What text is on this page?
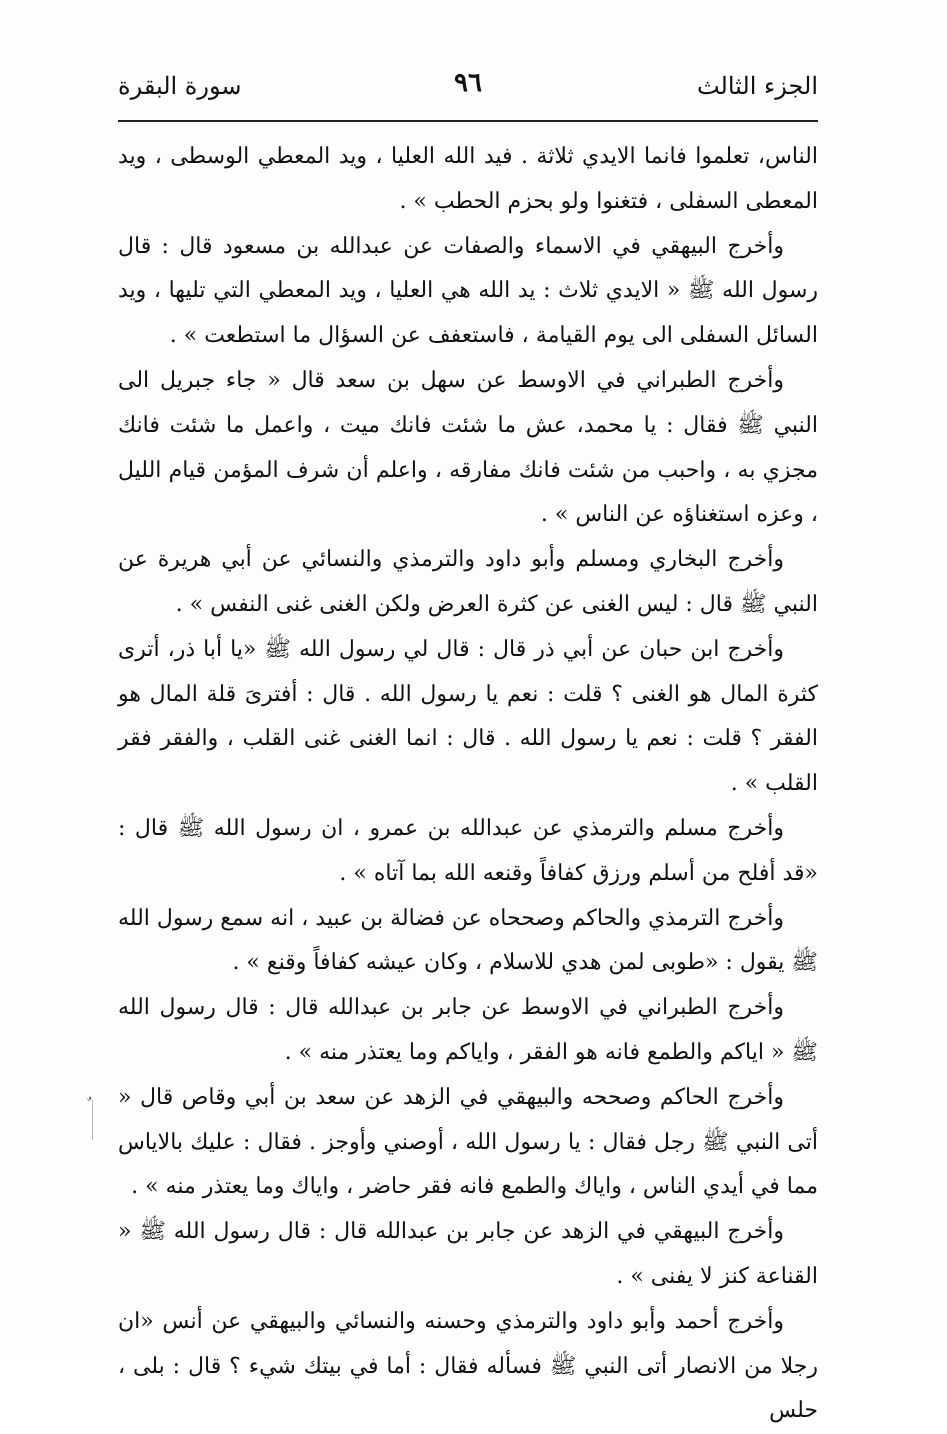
الجزء الثالث
٩٦
سورة البقرة

الناس، تعلموا فانما الايدي ثلاثة . فيد الله العليا ، ويد المعطي الوسطى ، ويد المعطى السفلى ، فتغنوا ولو بحزم الحطب » .

وأخرج البيهقي في الاسماء والصفات عن عبدالله بن مسعود قال : قال رسول الله ﷺ « الايدي ثلاث : يد الله هي العليا ، ويد المعطي التي تليها ، ويد السائل السفلى الى يوم القيامة ، فاستعفف عن السؤال ما استطعت » .

وأخرج الطبراني في الاوسط عن سهل بن سعد قال « جاء جبريل الى النبي ﷺ فقال : يا محمد، عش ما شئت فانك ميت ، واعمل ما شئت فانك مجزي به ، واحبب من شئت فانك مفارقه ، واعلم أن شرف المؤمن قيام الليل ، وعزه استغناؤه عن الناس » .

وأخرج البخاري ومسلم وأبو داود والترمذي والنسائي عن أبي هريرة عن النبي ﷺ قال : ليس الغنى عن كثرة العرض ولكن الغنى غنى النفس » .

وأخرج ابن حبان عن أبي ذر قال : قال لي رسول الله ﷺ «يا أبا ذر، أترى كثرة المال هو الغنى ؟ قلت : نعم يا رسول الله . قال : أفترىَ قلة المال هو الفقر ؟ قلت : نعم يا رسول الله . قال : انما الغنى غنى القلب ، والفقر فقر القلب » .

وأخرج مسلم والترمذي عن عبدالله بن عمرو ، ان رسول الله ﷺ قال : «قد أفلح من أسلم ورزق كفافاً وقنعه الله بما آتاه » .

وأخرج الترمذي والحاكم وصححاه عن فضالة بن عبيد ، انه سمع رسول الله ﷺ يقول : «طوبى لمن هدي للاسلام ، وكان عيشه كفافاً وقنع » .

وأخرج الطبراني في الاوسط عن جابر بن عبدالله قال : قال رسول الله ﷺ « اياكم والطمع فانه هو الفقر ، واياكم وما يعتذر منه » .

وأخرج الحاكم وصححه والبيهقي في الزهد عن سعد بن أبي وقاص قال « أتى النبي ﷺ رجل فقال : يا رسول الله ، أوصني وأوجز . فقال : عليك بالاياس مما في أيدي الناس ، واياك والطمع فانه فقر حاضر ، واياك وما يعتذر منه » .

وأخرج البيهقي في الزهد عن جابر بن عبدالله قال : قال رسول الله ﷺ « القناعة كنز لا يفنى » .

وأخرج أحمد وأبو داود والترمذي وحسنه والنسائي والبيهقي عن أنس «ان رجلا من الانصار أتى النبي ﷺ فسأله فقال : أما في بيتك شيء ؟ قال : بلى ، حلس
